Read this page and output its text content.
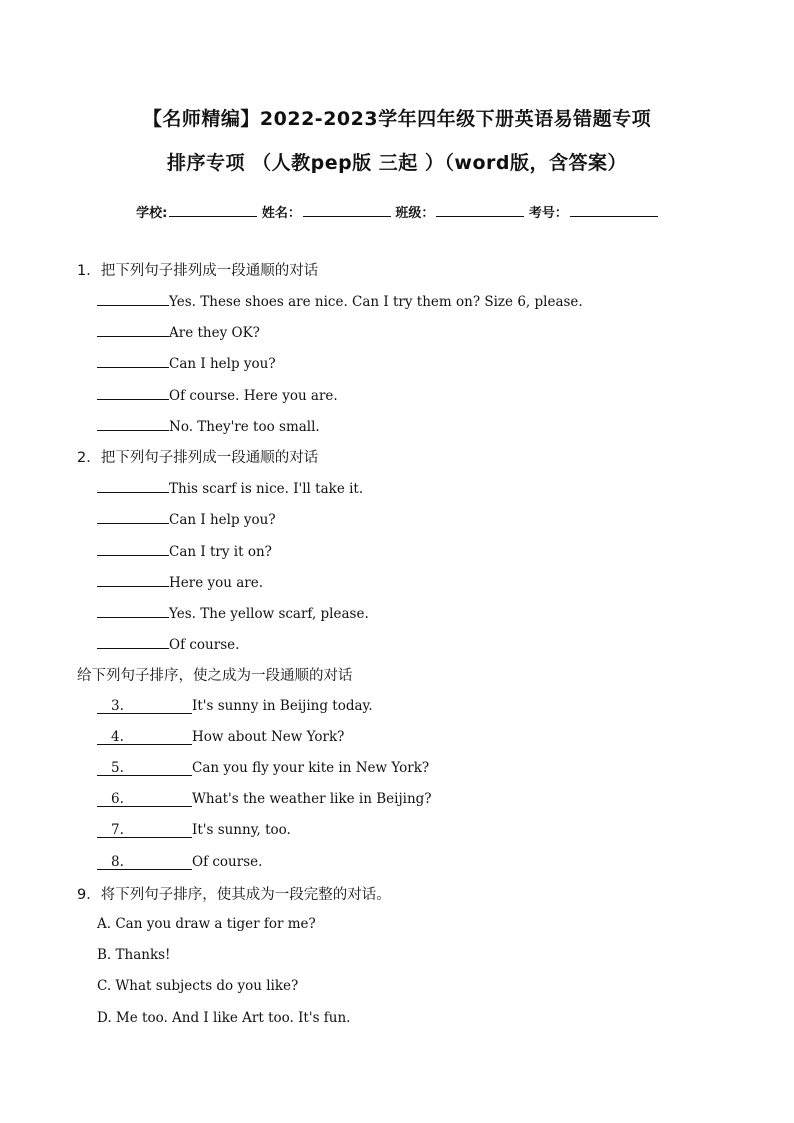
【名师精编】2022-2023学年四年级下册英语易错题专项
排序专项 （人教pep版 三起 ）（word版，含答案）
学校:	姓名：	班级：	考号：
1．把下列句子排列成一段通顺的对话
Yes. These shoes are nice. Can I try them on? Size 6, please.
Are they OK?
Can I help you?
Of course. Here you are.
No. They're too small.
2．把下列句子排列成一段通顺的对话
This scarf is nice. I'll take it.
Can I help you?
Can I try it on?
Here you are.
Yes. The yellow scarf, please.
Of course.
给下列句子排序，使之成为一段通顺的对话
3.	It's sunny in Beijing today.
4.	How about New York?
5.	Can you fly your kite in New York?
6.	What's the weather like in Beijing?
7.	It's sunny, too.
8.	Of course.
9．将下列句子排序，使其成为一段完整的对话。
A. Can you draw a tiger for me?
B. Thanks!
C. What subjects do you like?
D. Me too. And I like Art too. It's fun.
